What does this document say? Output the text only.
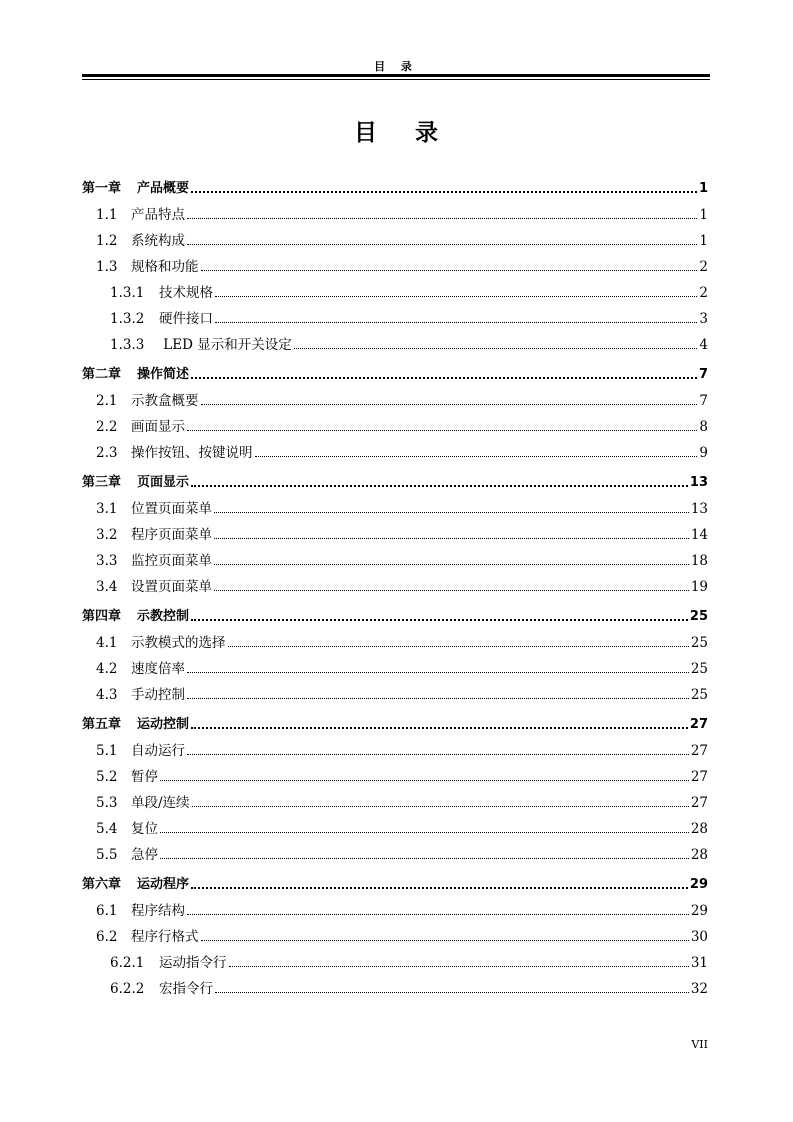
目 录
目录
第一章 产品概要	1
1.1	产品特点	1
1.2	系统构成	1
1.3	规格和功能	2
1.3.1	技术规格	2
1.3.2	硬件接口	3
1.3.3	LED 显示和开关设定	4
第二章 操作简述	7
2.1	示教盒概要	7
2.2	画面显示	8
2.3	操作按钮、按键说明	9
第三章 页面显示	13
3.1	位置页面菜单	13
3.2	程序页面菜单	14
3.3	监控页面菜单	18
3.4	设置页面菜单	19
第四章 示教控制	25
4.1	示教模式的选择	25
4.2	速度倍率	25
4.3	手动控制	25
第五章 运动控制	27
5.1	自动运行	27
5.2	暂停	27
5.3	单段/连续	27
5.4	复位	28
5.5	急停	28
第六章 运动程序	29
6.1	程序结构	29
6.2	程序行格式	30
6.2.1	运动指令行	31
6.2.2	宏指令行	32
VII
